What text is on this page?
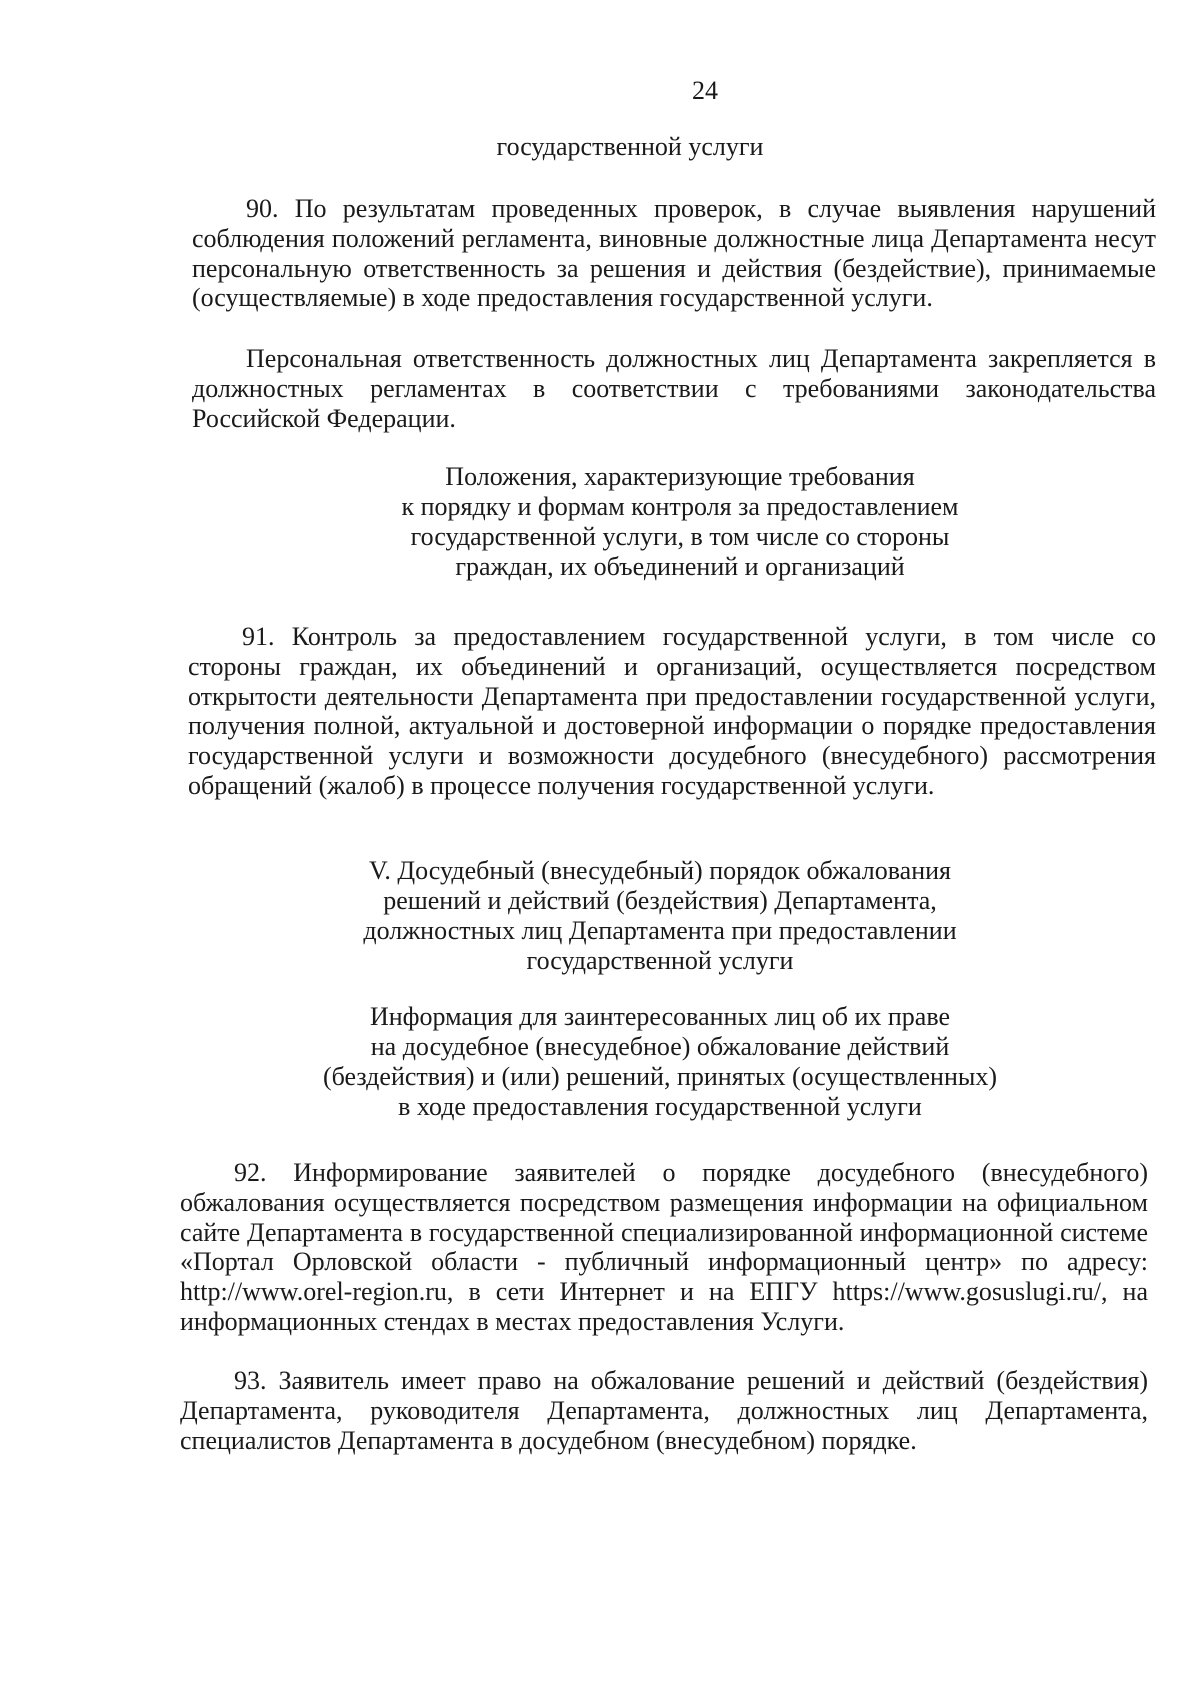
24
государственной услуги
90. По результатам проведенных проверок, в случае выявления нарушений соблюдения положений регламента, виновные должностные лица Департамента несут персональную ответственность за решения и действия (бездействие), принимаемые (осуществляемые) в ходе предоставления государственной услуги.
Персональная ответственность должностных лиц Департамента закрепляется в должностных регламентах в соответствии с требованиями законодательства Российской Федерации.
Положения, характеризующие требования
к порядку и формам контроля за предоставлением
государственной услуги, в том числе со стороны
граждан, их объединений и организаций
91. Контроль за предоставлением государственной услуги, в том числе со стороны граждан, их объединений и организаций, осуществляется посредством открытости деятельности Департамента при предоставлении государственной услуги, получения полной, актуальной и достоверной информации о порядке предоставления государственной услуги и возможности досудебного (внесудебного) рассмотрения обращений (жалоб) в процессе получения государственной услуги.
V. Досудебный (внесудебный) порядок обжалования
решений и действий (бездействия) Департамента,
должностных лиц Департамента при предоставлении
государственной услуги
Информация для заинтересованных лиц об их праве
на досудебное (внесудебное) обжалование действий
(бездействия) и (или) решений, принятых (осуществленных)
в ходе предоставления государственной услуги
92. Информирование заявителей о порядке досудебного (внесудебного) обжалования осуществляется посредством размещения информации на официальном сайте Департамента в государственной специализированной информационной системе «Портал Орловской области - публичный информационный центр» по адресу: http://www.orel-region.ru, в сети Интернет и на ЕПГУ https://www.gosuslugi.ru/, на информационных стендах в местах предоставления Услуги.
93. Заявитель имеет право на обжалование решений и действий (бездействия) Департамента, руководителя Департамента, должностных лиц Департамента, специалистов Департамента в досудебном (внесудебном) порядке.
